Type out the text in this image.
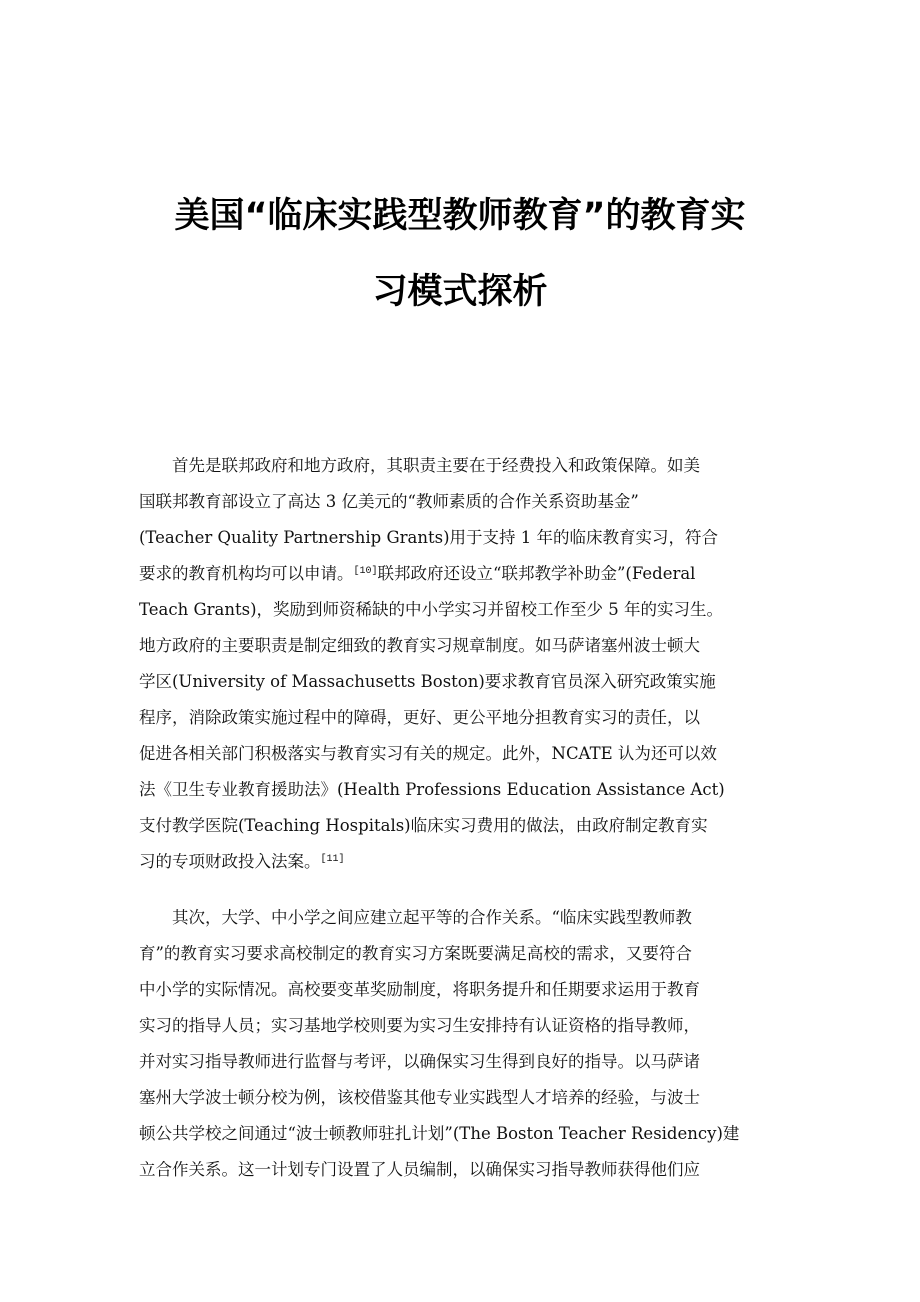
美国“临床实践型教师教育”的教育实
习模式探析
首先是联邦政府和地方政府，其职责主要在于经费投入和政策保障。如美
国联邦教育部设立了高达 3 亿美元的“教师素质的合作关系资助基金”
(Teacher Quality Partnership Grants)用于支持 1 年的临床教育实习，符合
要求的教育机构均可以申请。[10]联邦政府还设立“联邦教学补助金”(Federal
Teach Grants)，奖励到师资稀缺的中小学实习并留校工作至少 5 年的实习生。
地方政府的主要职责是制定细致的教育实习规章制度。如马萨诸塞州波士顿大
学区(University of Massachusetts Boston)要求教育官员深入研究政策实施
程序，消除政策实施过程中的障碍，更好、更公平地分担教育实习的责任，以
促进各相关部门积极落实与教育实习有关的规定。此外，NCATE 认为还可以效
法《卫生专业教育援助法》(Health Professions Education Assistance Act)
支付教学医院(Teaching Hospitals)临床实习费用的做法，由政府制定教育实
习的专项财政投入法案。[11]
其次，大学、中小学之间应建立起平等的合作关系。“临床实践型教师教
育”的教育实习要求高校制定的教育实习方案既要满足高校的需求，又要符合
中小学的实际情况。高校要变革奖励制度，将职务提升和任期要求运用于教育
实习的指导人员；实习基地学校则要为实习生安排持有认证资格的指导教师，
并对实习指导教师进行监督与考评，以确保实习生得到良好的指导。以马萨诸
塞州大学波士顿分校为例，该校借鉴其他专业实践型人才培养的经验，与波士
顿公共学校之间通过“波士顿教师驻扎计划”(The Boston Teacher Residency)建
立合作关系。这一计划专门设置了人员编制，以确保实习指导教师获得他们应
